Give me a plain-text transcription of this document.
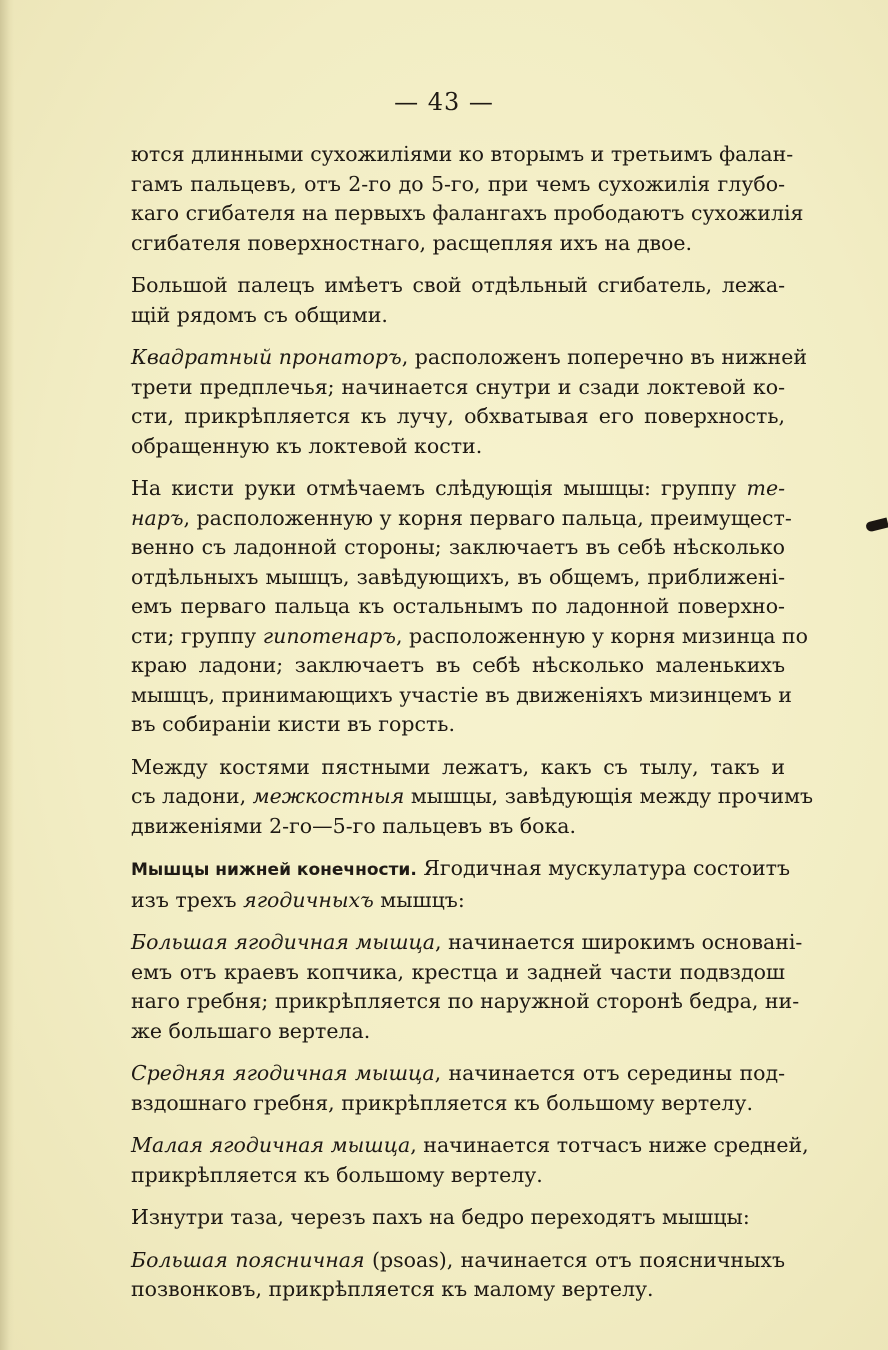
— 43 —
ются длинными сухожиліями ко вторымъ и третьимъ фалан-
гамъ пальцевъ, отъ 2-го до 5-го, при чемъ сухожилія глубо-
каго сгибателя на первыхъ фалангахъ прободаютъ сухожилія
сгибателя поверхностнаго, расщепляя ихъ на двое.
Большой палецъ имѣетъ свой отдѣльный сгибатель, лежа-
щій рядомъ съ общими.
Квадратный пронаторъ, расположенъ поперечно въ нижней
трети предплечья; начинается снутри и сзади локтевой ко-
сти, прикрѣпляется къ лучу, обхватывая его поверхность,
обращенную къ локтевой кости.
На кисти руки отмѣчаемъ слѣдующія мышцы: группу те-
наръ, расположенную у корня перваго пальца, преимущест-
венно съ ладонной стороны; заключаетъ въ себѣ нѣсколько
отдѣльныхъ мышцъ, завѣдующихъ, въ общемъ, приближені-
емъ перваго пальца къ остальнымъ по ладонной поверхно-
сти; группу гипотенаръ, расположенную у корня мизинца по
краю ладони; заключаетъ въ себѣ нѣсколько маленькихъ
мышцъ, принимающихъ участіе въ движеніяхъ мизинцемъ и
въ собираніи кисти въ горсть.
Между костями пястными лежатъ, какъ съ тылу, такъ и
съ ладони, межкостныя мышцы, завѣдующія между прочимъ
движеніями 2-го—5-го пальцевъ въ бока.
Мышцы нижней конечности. Ягодичная мускулатура состоитъ
изъ трехъ ягодичныхъ мышцъ:
Большая ягодичная мышца, начинается широкимъ основані-
емъ отъ краевъ копчика, крестца и задней части подвздош
наго гребня; прикрѣпляется по наружной сторонѣ бедра, ни-
же большаго вертела.
Средняя ягодичная мышца, начинается отъ середины под-
вздошнаго гребня, прикрѣпляется къ большому вертелу.
Малая ягодичная мышца, начинается тотчасъ ниже средней,
прикрѣпляется къ большому вертелу.
Изнутри таза, черезъ пахъ на бедро переходятъ мышцы:
Большая поясничная (psoas), начинается отъ поясничныхъ
позвонковъ, прикрѣпляется къ малому вертелу.
